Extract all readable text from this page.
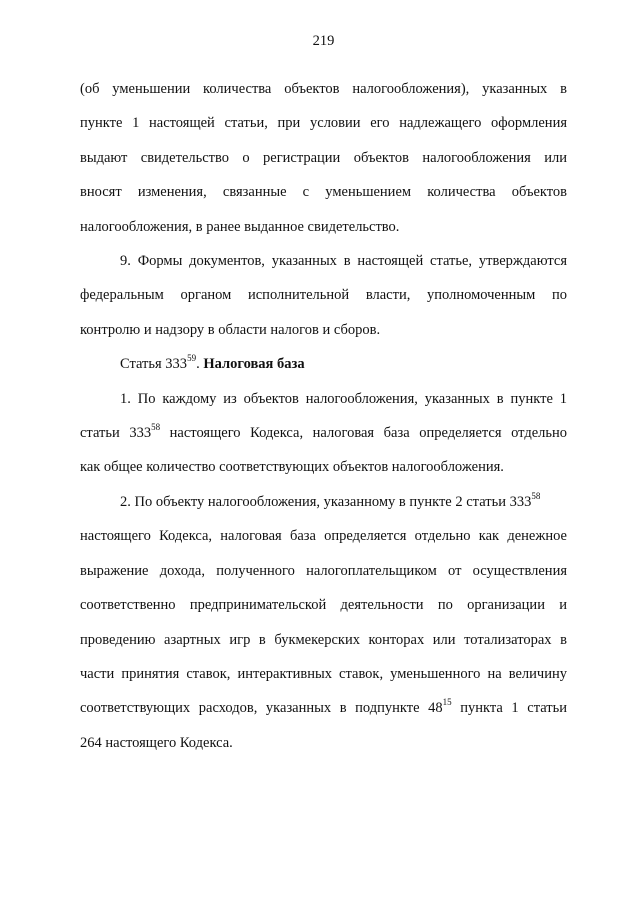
219

(об уменьшении количества объектов налогообложения), указанных в
пункте 1 настоящей статьи, при условии его надлежащего оформления
выдают свидетельство о регистрации объектов налогообложения или
вносят изменения, связанные с уменьшением количества объектов
налогообложения, в ранее выданное свидетельство.

9. Формы документов, указанных в настоящей статье, утверждаются
федеральным органом исполнительной власти, уполномоченным по
контролю и надзору в области налогов и сборов.

Статья $333^{59}$. Налоговая база

1. По каждому из объектов налогообложения, указанных в пункте 1
статьи $333^{58}$ настоящего Кодекса, налоговая база определяется отдельно
как общее количество соответствующих объектов налогообложения.

2. По объекту налогообложения, указанному в пункте 2 статьи $333^{58}$
настоящего Кодекса, налоговая база определяется отдельно как денежное
выражение дохода, полученного налогоплательщиком от осуществления
соответственно предпринимательской деятельности по организации и
проведению азартных игр в букмекерских конторах или тотализаторах в
части принятия ставок, интерактивных ставок, уменьшенного на величину
соответствующих расходов, указанных в подпункте $48^{15}$ пункта 1 статьи
264 настоящего Кодекса.
